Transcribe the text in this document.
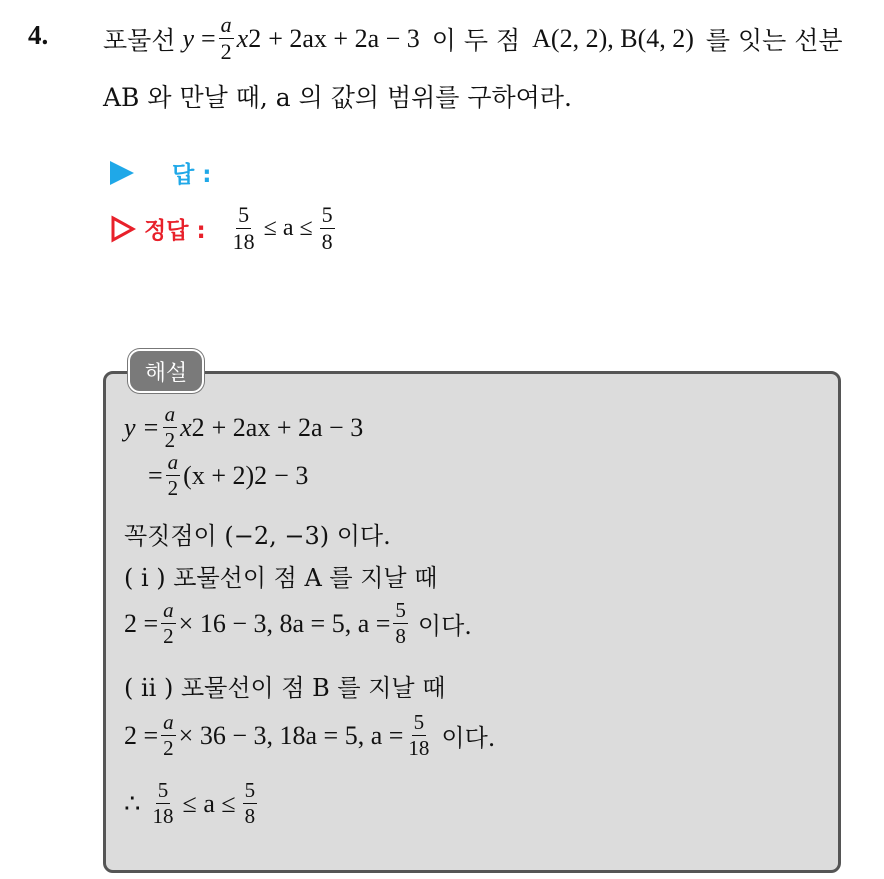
4. 포물선 $y = \frac{a}{2}$ x 2 + 2ax + 2a − 3 이 두 점 A(2, 2), B(4, 2) 를 잇는 선분
AB 와 만날 때, a 의 값의 범위를 구하여라.
답 :
정답 : $\frac{5}{18} \le a \le \frac{5}{8}$
해설
$y = \frac{a}{2}$ x 2 + 2ax + 2a − 3
= $\frac{a}{2} (x + 2) 2 - 3$
꼭짓점이 (−2, −3) 이다.
( i ) 포물선이 점 A 를 지날 때
$2 = \frac{a}{2} \times 16 - 3$, 8a = 5, $a = \frac{5}{8}$ 이다.
( ii ) 포물선이 점 B 를 지날 때
$2 = \frac{a}{2} \times 36 - 3$, 18a = 5, $a = \frac{5}{18}$ 이다.
∴ $\frac{5}{18} \le a \le \frac{5}{8}$
